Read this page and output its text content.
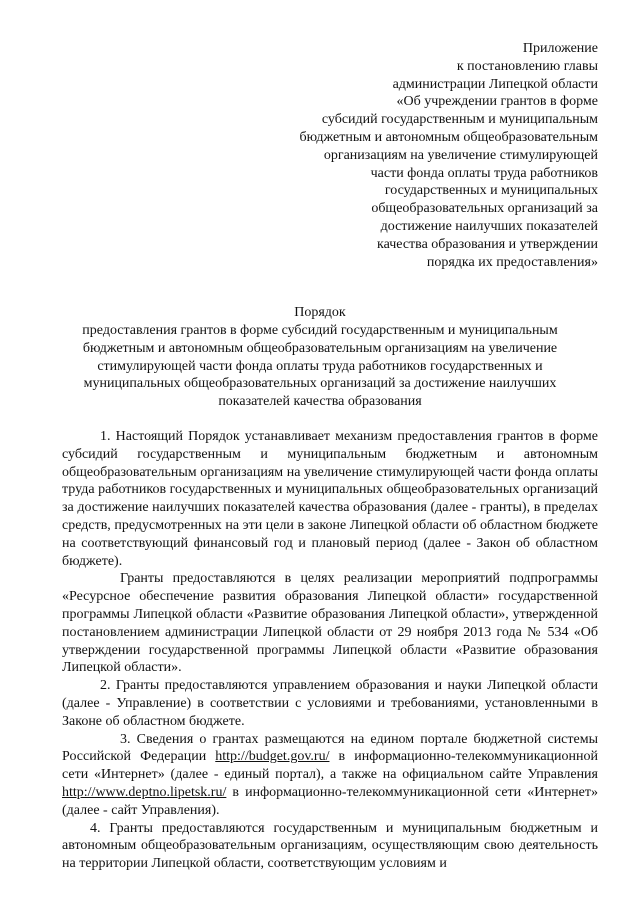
Приложение
к постановлению главы
администрации Липецкой области
«Об учреждении грантов в форме
субсидий государственным и муниципальным
бюджетным и автономным общеобразовательным
организациям на увеличение стимулирующей
части фонда оплаты труда работников
государственных и муниципальных
общеобразовательных организаций за
достижение наилучших показателей
качества образования и утверждении
порядка их предоставления»
Порядок
предоставления грантов в форме субсидий государственным и муниципальным бюджетным и автономным общеобразовательным организациям на увеличение стимулирующей части фонда оплаты труда работников государственных и муниципальных общеобразовательных организаций за достижение наилучших показателей качества образования

1. Настоящий Порядок устанавливает механизм предоставления грантов в форме субсидий государственным и муниципальным бюджетным и автономным общеобразовательным организациям на увеличение стимулирующей части фонда оплаты труда работников государственных и муниципальных общеобразовательных организаций за достижение наилучших показателей качества образования (далее - гранты), в пределах средств, предусмотренных на эти цели в законе Липецкой области об областном бюджете на соответствующий финансовый год и плановый период (далее - Закон об областном бюджете).

Гранты предоставляются в целях реализации мероприятий подпрограммы «Ресурсное обеспечение развития образования Липецкой области» государственной программы Липецкой области «Развитие образования Липецкой области», утвержденной постановлением администрации Липецкой области от 29 ноября 2013 года № 534 «Об утверждении государственной программы Липецкой области «Развитие образования Липецкой области».

2. Гранты предоставляются управлением образования и науки Липецкой области (далее - Управление) в соответствии с условиями и требованиями, установленными в Законе об областном бюджете.

3. Сведения о грантах размещаются на едином портале бюджетной системы Российской Федерации http://budget.gov.ru/ в информационно-телекоммуникационной сети «Интернет» (далее - единый портал), а также на официальном сайте Управления http://www.deptno.lipetsk.ru/ в информационно-телекоммуникационной сети «Интернет» (далее - сайт Управления).

4. Гранты предоставляются государственным и муниципальным бюджетным и автономным общеобразовательным организациям, осуществляющим свою деятельность на территории Липецкой области, соответствующим условиям и
